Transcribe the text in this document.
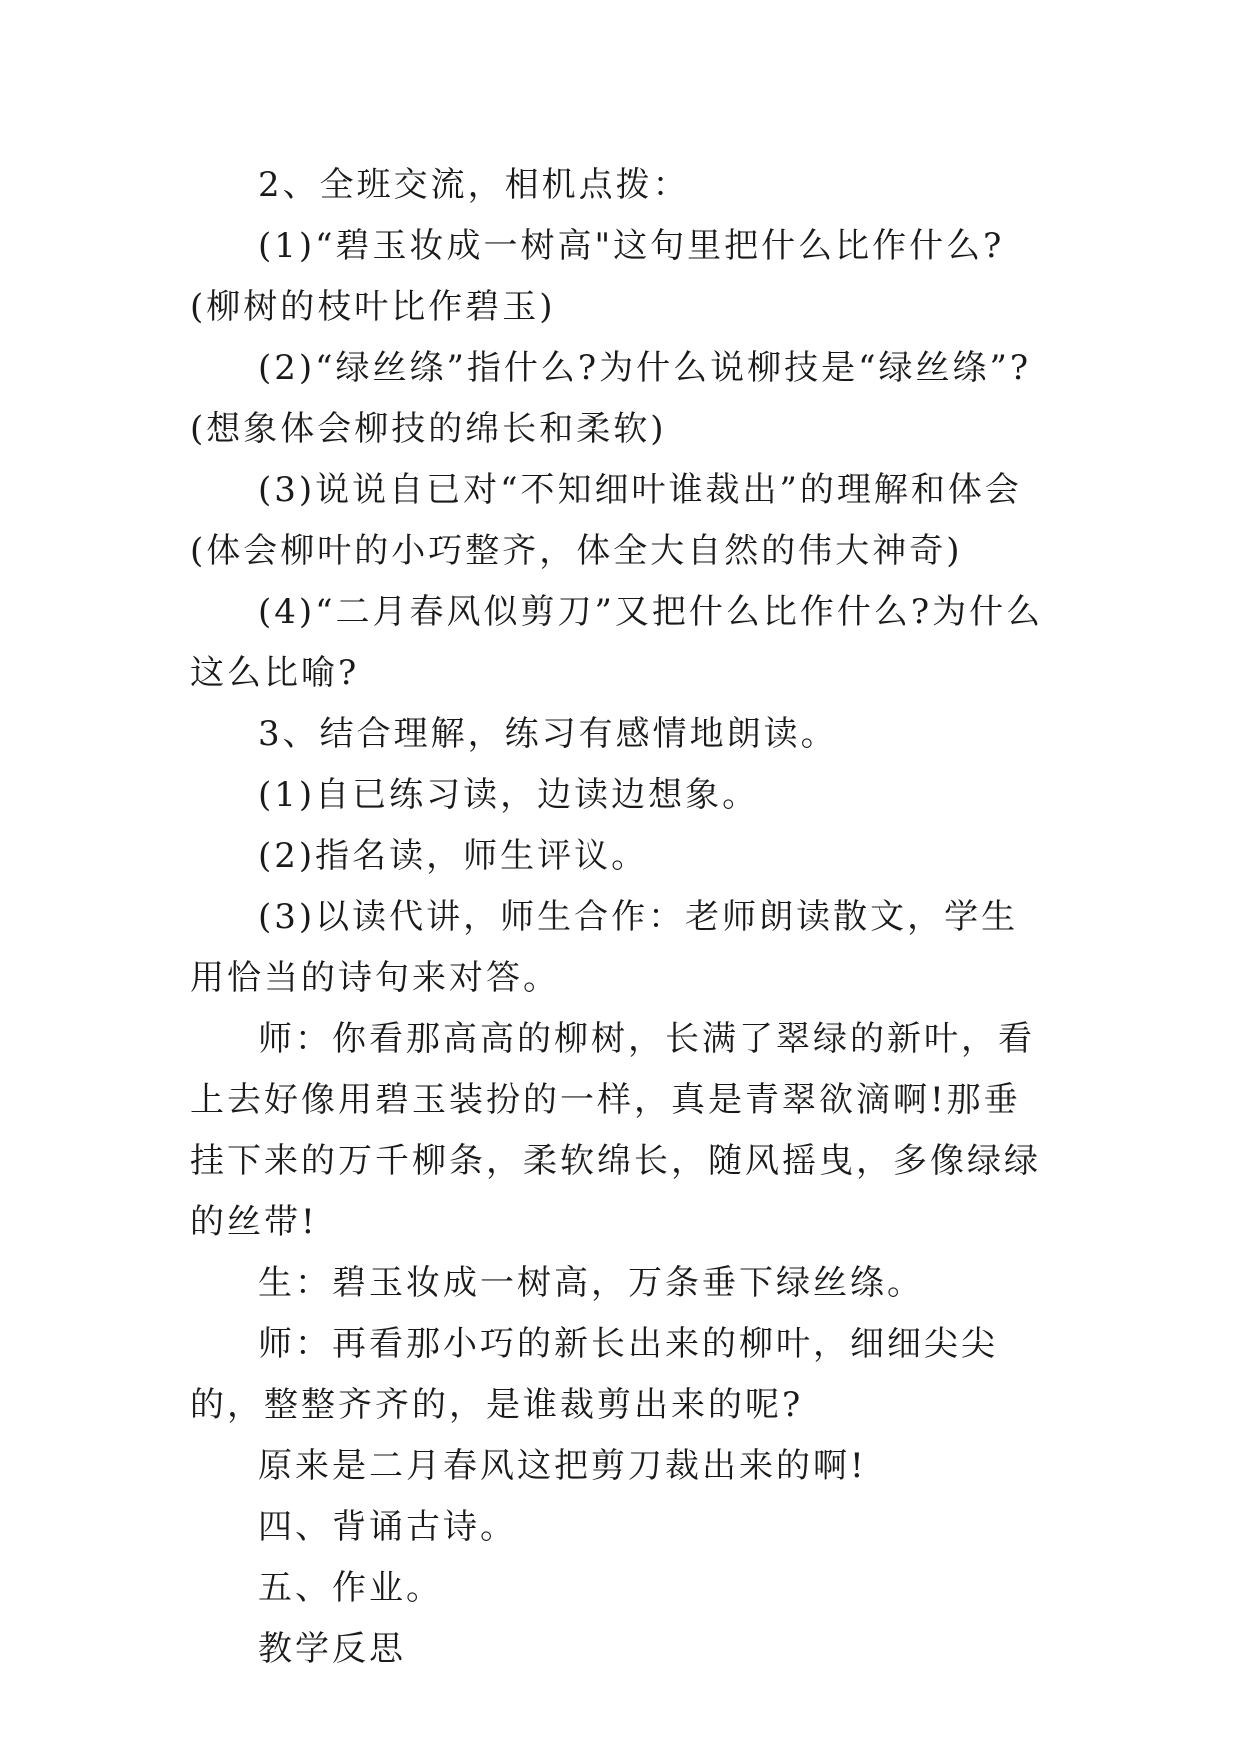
2、全班交流，相机点拨：

(1)“碧玉妆成一树高"这句里把什么比作什么?(柳树的枝叶比作碧玉)

(2)“绿丝绦”指什么?为什么说柳技是“绿丝绦”?(想象体会柳技的绵长和柔软)

(3)说说自已对“不知细叶谁裁出”的理解和体会(体会柳叶的小巧整齐，体全大自然的伟大神奇)

(4)“二月春风似剪刀”又把什么比作什么?为什么这么比喻?

3、结合理解，练习有感情地朗读。

(1)自已练习读，边读边想象。

(2)指名读，师生评议。

(3)以读代讲，师生合作：老师朗读散文，学生用恰当的诗句来对答。

师：你看那高高的柳树，长满了翠绿的新叶，看上去好像用碧玉装扮的一样，真是青翠欲滴啊!那垂挂下来的万千柳条，柔软绵长，随风摇曳，多像绿绿的丝带!

生：碧玉妆成一树高，万条垂下绿丝绦。

师：再看那小巧的新长出来的柳叶，细细尖尖的，整整齐齐的，是谁裁剪出来的呢?

原来是二月春风这把剪刀裁出来的啊!

四、背诵古诗。

五、作业。

教学反思
